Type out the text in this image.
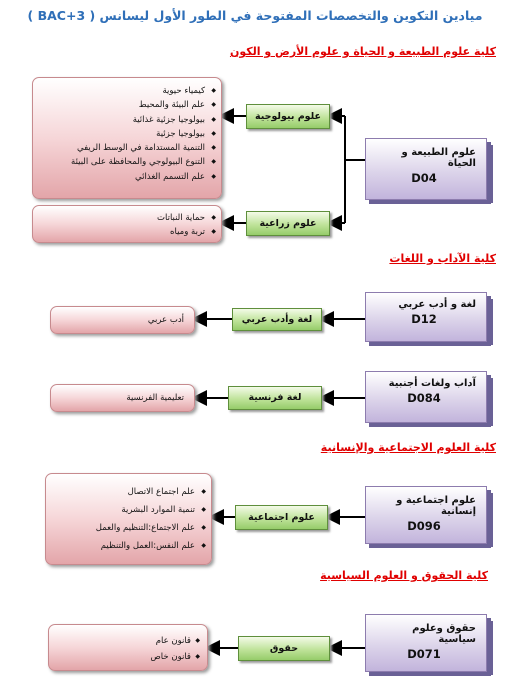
ميادين التكوين والتخصصات المفتوحة في الطور الأول ليسانس ( BAC+3 )
كلية علوم الطبيعة و الحياة و علوم الأرض و الكون
◆ كيمياء حيوية
◆ علم البيئة والمحيط
◆ بيولوجيا جزئية غذائية
◆ بيولوجيا جزئية
◆ التنمية المستدامة في الوسط الريفي
◆ التنوع البيولوجي والمحافظة على البيئة
◆ علم التسمم الغذائي
◆ حماية النباتات
◆ تربة ومياه
علوم بيولوجية
علوم زراعية
علوم الطبيعة و الحياة
D04
كلية الآداب و اللغات
لغة و أدب عربي
D12
لغة وأدب عربي
أدب عربي
آداب ولغات أجنبية
D084
لغة فرنسية
تعليمية الفرنسية
كلية العلوم الاجتماعية والإنسانية
علوم اجتماعية و إنسانية
D096
علوم اجتماعية
◆ علم اجتماع الاتصال
◆ تنمية الموارد البشرية
◆ علم الاجتماع:التنظيم والعمل
◆ علم النفس:العمل والتنظيم
كلية الحقوق و العلوم السياسية
حقوق وعلوم سياسية
D071
حقوق
◆ قانون عام
◆ قانون خاص
